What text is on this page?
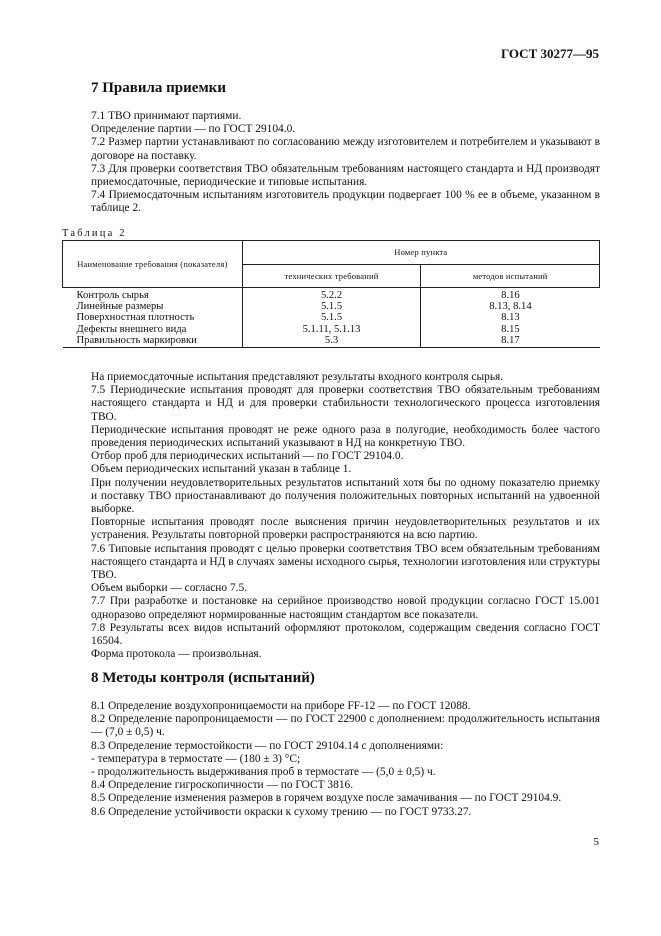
ГОСТ 30277—95
7 Правила приемки

7.1 ТВО принимают партиями.

Определение партии — по ГОСТ 29104.0.

7.2 Размер партии устанавливают по согласованию между изготовителем и потребителем и указывают в договоре на поставку.

7.3 Для проверки соответствия ТВО обязательным требованиям настоящего стандарта и НД производят приемосдаточные, периодические и типовые испытания.

7.4 Приемосдаточным испытаниям изготовитель продукции подвергает 100 % ее в объеме, указанном в таблице 2.

Таблица 2
Наименование требования (показателя)	Номер пункта	
	технических требований	методов испытаний
Контроль сырья	5.2.2	8.16
Линейные размеры	5.1.5	8.13, 8.14
Поверхностная плотность	5.1.5	8.13
Дефекты внешнего вида	5.1.11, 5.1.13	8.15
Правильность маркировки	5.3	8.17

На приемосдаточные испытания представляют результаты входного контроля сырья.

7.5 Периодические испытания проводят для проверки соответствия ТВО обязательным требованиям настоящего стандарта и НД и для проверки стабильности технологического процесса изготовления ТВО.

Периодические испытания проводят не реже одного раза в полугодие, необходимость более частого проведения периодических испытаний указывают в НД на конкретную ТВО.

Отбор проб для периодических испытаний — по ГОСТ 29104.0.

Объем периодических испытаний указан в таблице 1.

При получении неудовлетворительных результатов испытаний хотя бы по одному показателю приемку и поставку ТВО приостанавливают до получения положительных повторных испытаний на удвоенной выборке.

Повторные испытания проводят после выяснения причин неудовлетворительных результатов и их устранения. Результаты повторной проверки распространяются на всю партию.

7.6 Типовые испытания проводят с целью проверки соответствия ТВО всем обязательным требованиям настоящего стандарта и НД в случаях замены исходного сырья, технологии изготовления или структуры ТВО.

Объем выборки — согласно 7.5.

7.7 При разработке и постановке на серийное производство новой продукции согласно ГОСТ 15.001 одноразово определяют нормированные настоящим стандартом все показатели.

7.8 Результаты всех видов испытаний оформляют протоколом, содержащим сведения согласно ГОСТ 16504.

Форма протокола — произвольная.

8 Методы контроля (испытаний)

8.1 Определение воздухопроницаемости на приборе FF-12 — по ГОСТ 12088.

8.2 Определение паропроницаемости — по ГОСТ 22900 с дополнением: продолжительность испытания — (7,0 ± 0,5) ч.

8.3 Определение термостойкости — по ГОСТ 29104.14 с дополнениями:

- температура в термостате — (180 ± 3) °С;

- продолжительность выдерживания проб в термостате — (5,0 ± 0,5) ч.

8.4 Определение гигроскопичности — по ГОСТ 3816.

8.5 Определение изменения размеров в горячем воздухе после замачивания — по ГОСТ 29104.9.

8.6 Определение устойчивости окраски к сухому трению — по ГОСТ 9733.27.

5
